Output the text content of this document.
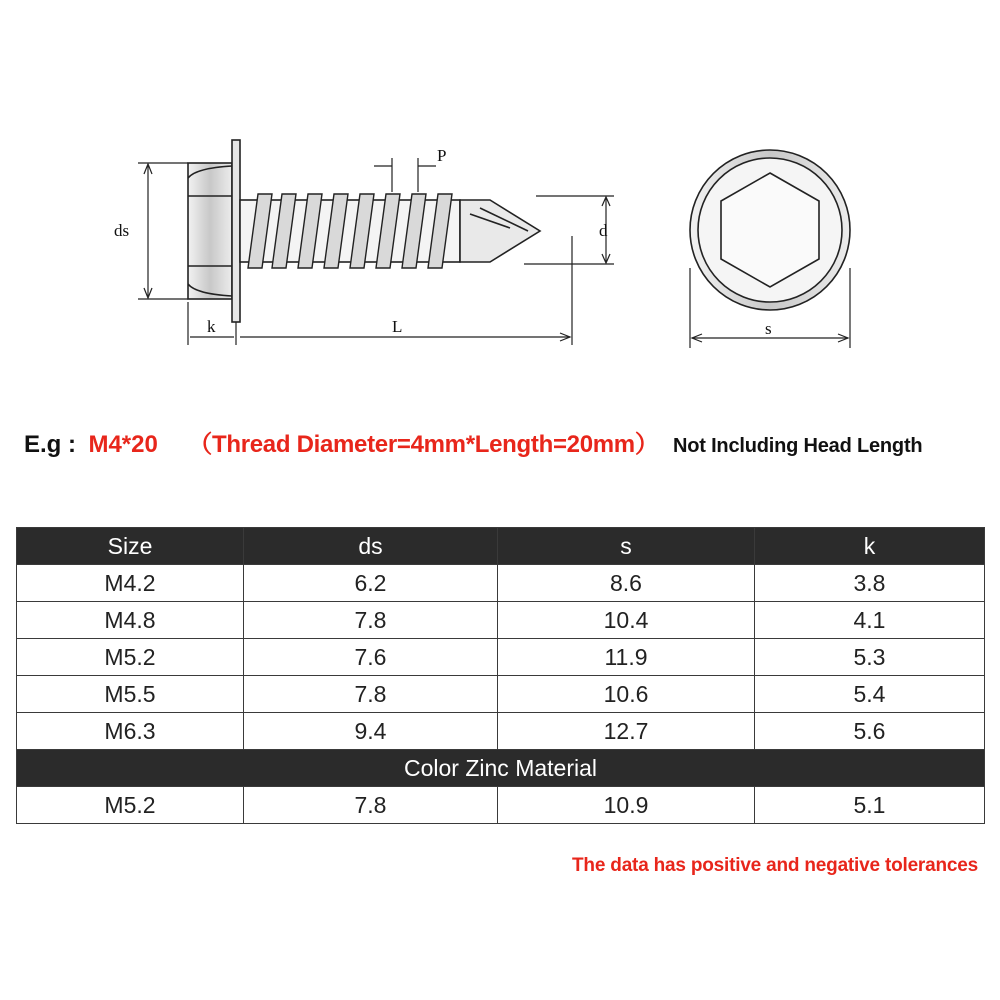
ds
k	L
P
d
s
E.g : M4*20 （Thread Diameter=4mm*Length=20mm） Not Including Head Length
Size	ds	s	k
M4.2	6.2	8.6	3.8
M4.8	7.8	10.4	4.1
M5.2	7.6	11.9	5.3
M5.5	7.8	10.6	5.4
M6.3	9.4	12.7	5.6
Color Zinc Material			
M5.2	7.8	10.9	5.1
The data has positive and negative tolerances
